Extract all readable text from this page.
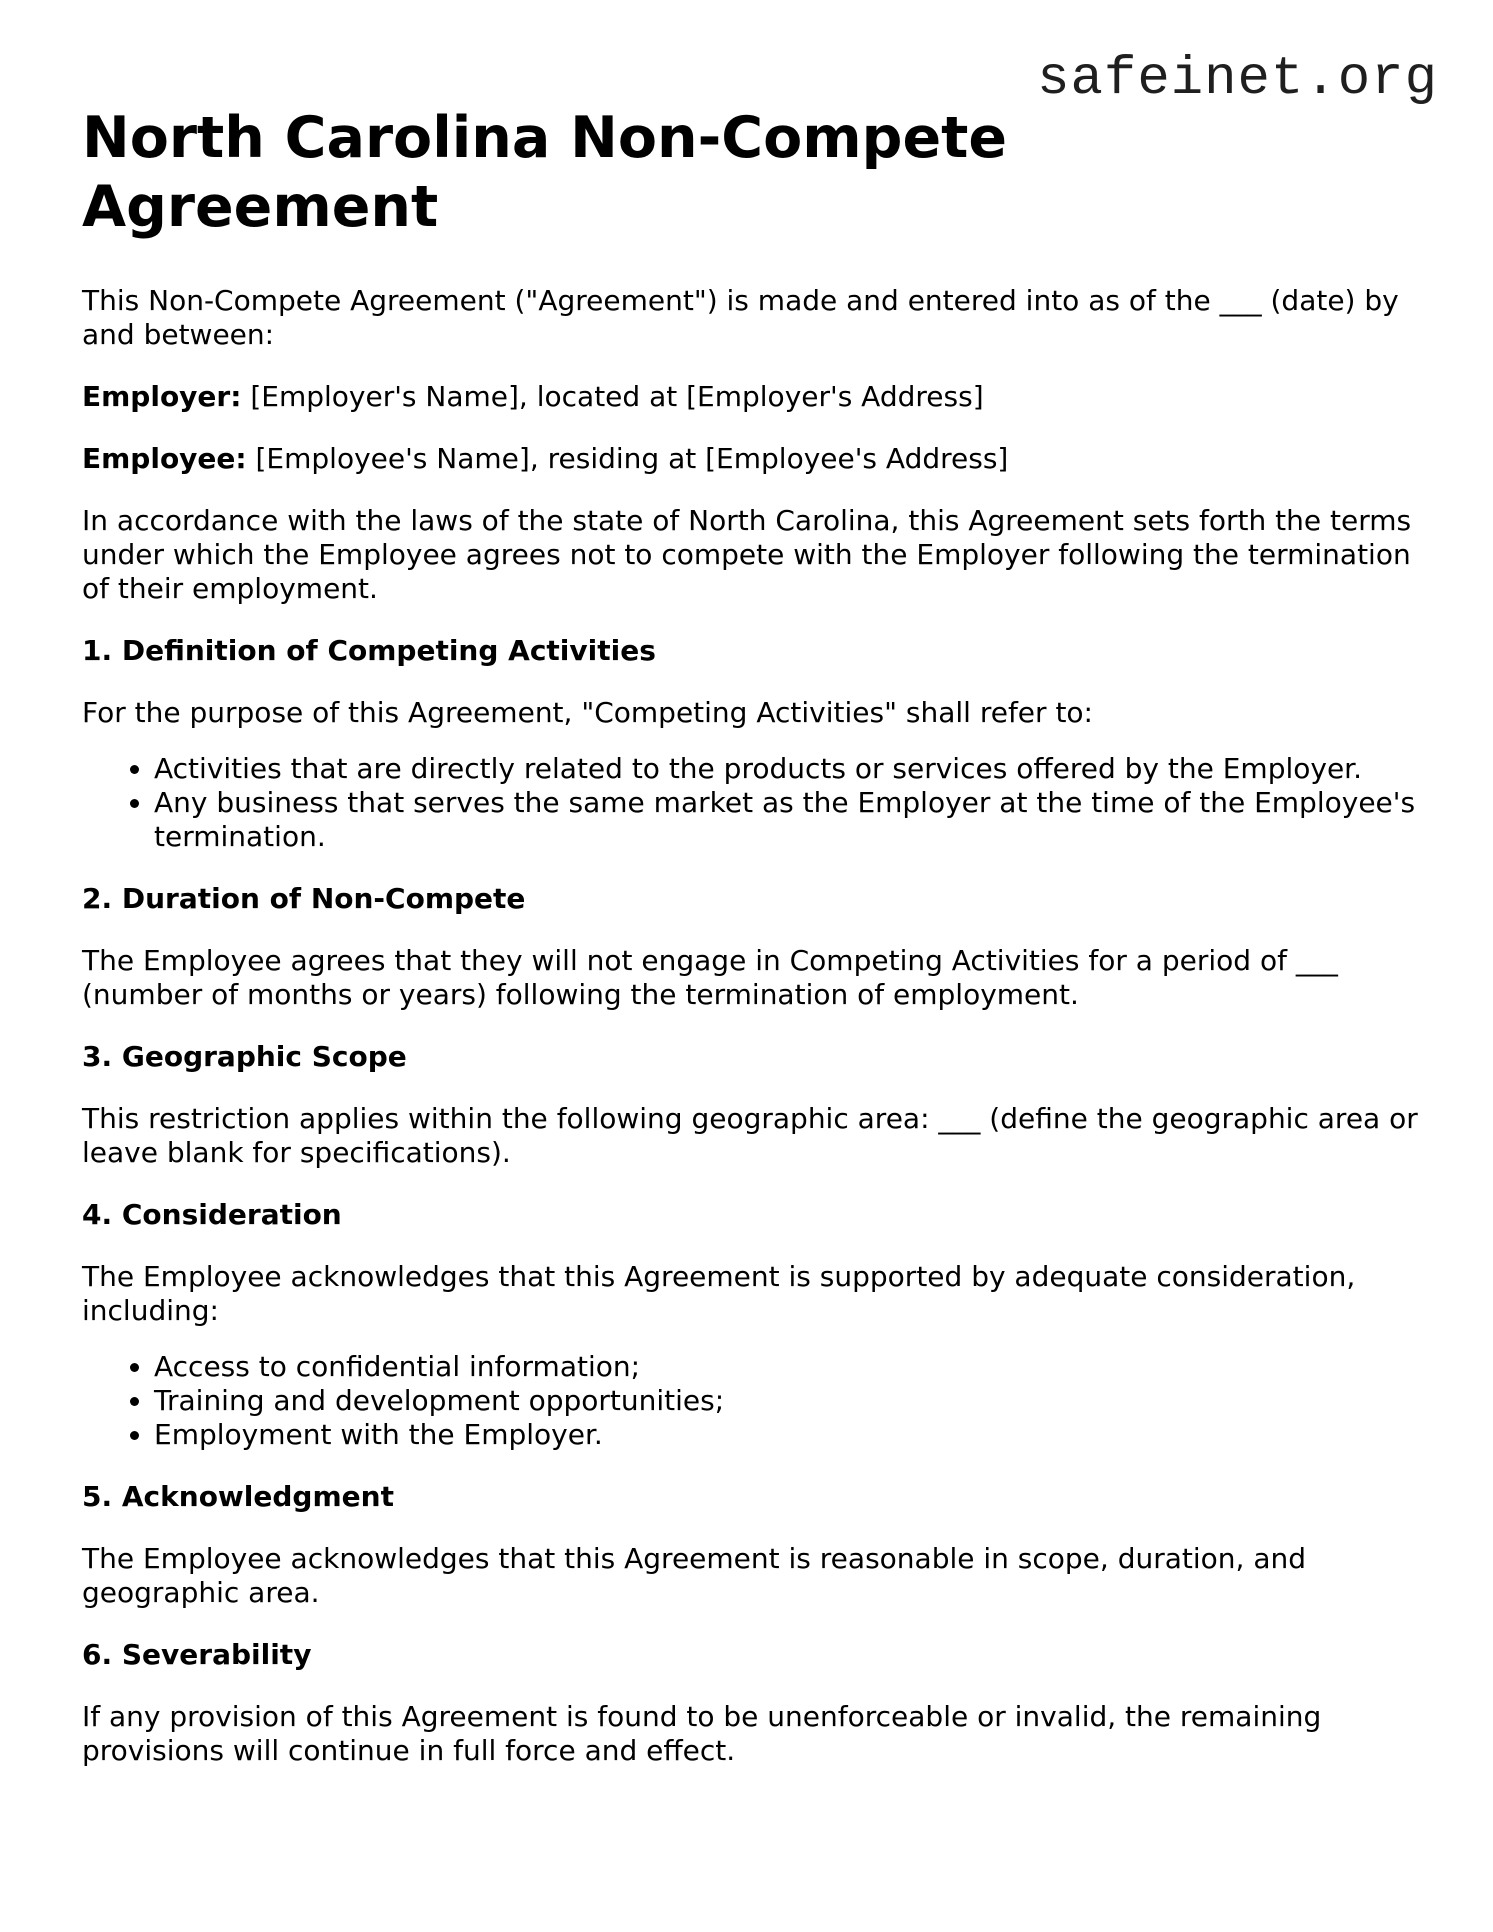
safeinet.org
North Carolina Non-Compete Agreement

This Non-Compete Agreement ("Agreement") is made and entered into as of the ___ (date) by and between:

Employer: [Employer's Name], located at [Employer's Address]

Employee: [Employee's Name], residing at [Employee's Address]

In accordance with the laws of the state of North Carolina, this Agreement sets forth the terms under which the Employee agrees not to compete with the Employer following the termination of their employment.

1. Definition of Competing Activities

For the purpose of this Agreement, "Competing Activities" shall refer to:

• Activities that are directly related to the products or services offered by the Employer.
• Any business that serves the same market as the Employer at the time of the Employee's termination.
2. Duration of Non-Compete

The Employee agrees that they will not engage in Competing Activities for a period of ___ (number of months or years) following the termination of employment.

3. Geographic Scope

This restriction applies within the following geographic area: ___ (define the geographic area or leave blank for specifications).

4. Consideration

The Employee acknowledges that this Agreement is supported by adequate consideration, including:

• Access to confidential information;
• Training and development opportunities;
• Employment with the Employer.
5. Acknowledgment

The Employee acknowledges that this Agreement is reasonable in scope, duration, and geographic area.

6. Severability

If any provision of this Agreement is found to be unenforceable or invalid, the remaining provisions will continue in full force and effect.
